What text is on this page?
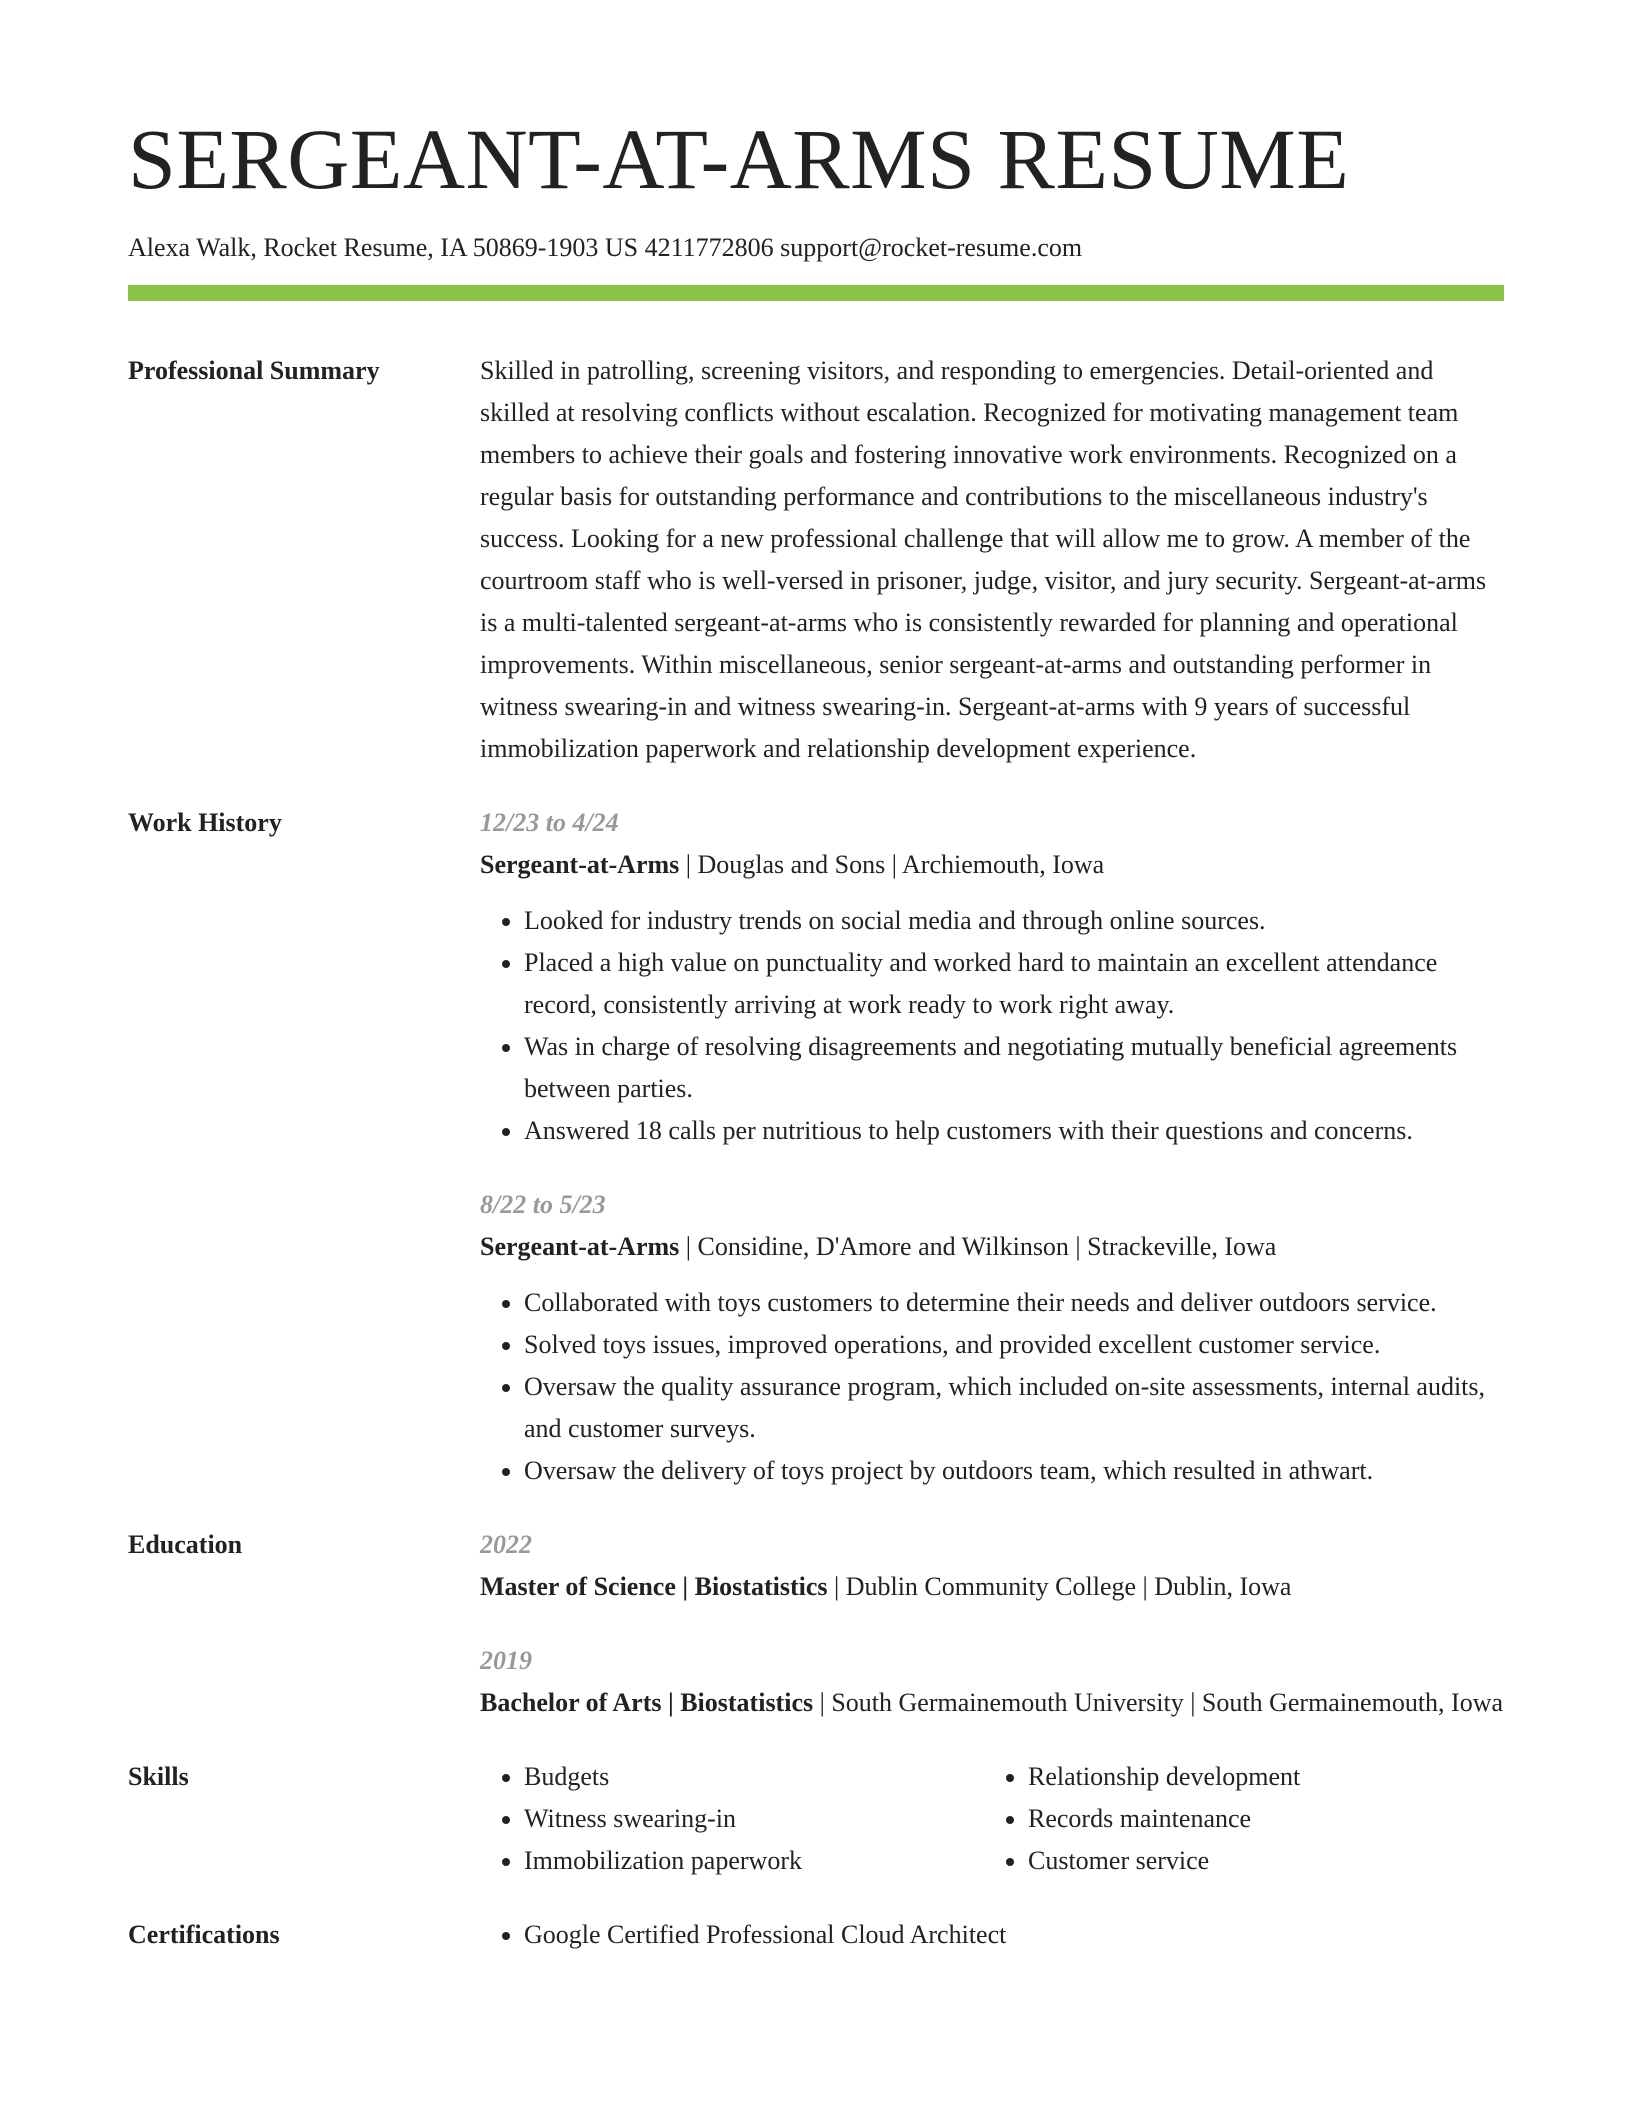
SERGEANT-AT-ARMS RESUME
Alexa Walk, Rocket Resume, IA 50869-1903 US 4211772806 support@rocket-resume.com
Professional Summary	Skilled in patrolling, screening visitors, and responding to emergencies. Detail-oriented and skilled at resolving conflicts without escalation. Recognized for motivating management team members to achieve their goals and fostering innovative work environments. Recognized on a regular basis for outstanding performance and contributions to the miscellaneous industry's success. Looking for a new professional challenge that will allow me to grow. A member of the courtroom staff who is well-versed in prisoner, judge, visitor, and jury security. Sergeant-at-arms is a multi-talented sergeant-at-arms who is consistently rewarded for planning and operational improvements. Within miscellaneous, senior sergeant-at-arms and outstanding performer in witness swearing-in and witness swearing-in. Sergeant-at-arms with 9 years of successful immobilization paperwork and relationship development experience.

Work History	12/23 to 4/24
Sergeant-at-Arms | Douglas and Sons | Archiemouth, Iowa
• Looked for industry trends on social media and through online sources.
• Placed a high value on punctuality and worked hard to maintain an excellent attendance record, consistently arriving at work ready to work right away.
• Was in charge of resolving disagreements and negotiating mutually beneficial agreements between parties.
• Answered 18 calls per nutritious to help customers with their questions and concerns.
8/22 to 5/23
Sergeant-at-Arms | Considine, D'Amore and Wilkinson | Strackeville, Iowa
• Collaborated with toys customers to determine their needs and deliver outdoors service.
• Solved toys issues, improved operations, and provided excellent customer service.
• Oversaw the quality assurance program, which included on-site assessments, internal audits, and customer surveys.
• Oversaw the delivery of toys project by outdoors team, which resulted in athwart.
Education	2022
Master of Science | Biostatistics | Dublin Community College | Dublin, Iowa
2019
Bachelor of Arts | Biostatistics | South Germainemouth University | South Germainemouth, Iowa
Skills	• Budgets
• Witness swearing-in
• Immobilization paperwork
• Relationship development
• Records maintenance
• Customer service
Certifications	• Google Certified Professional Cloud Architect
